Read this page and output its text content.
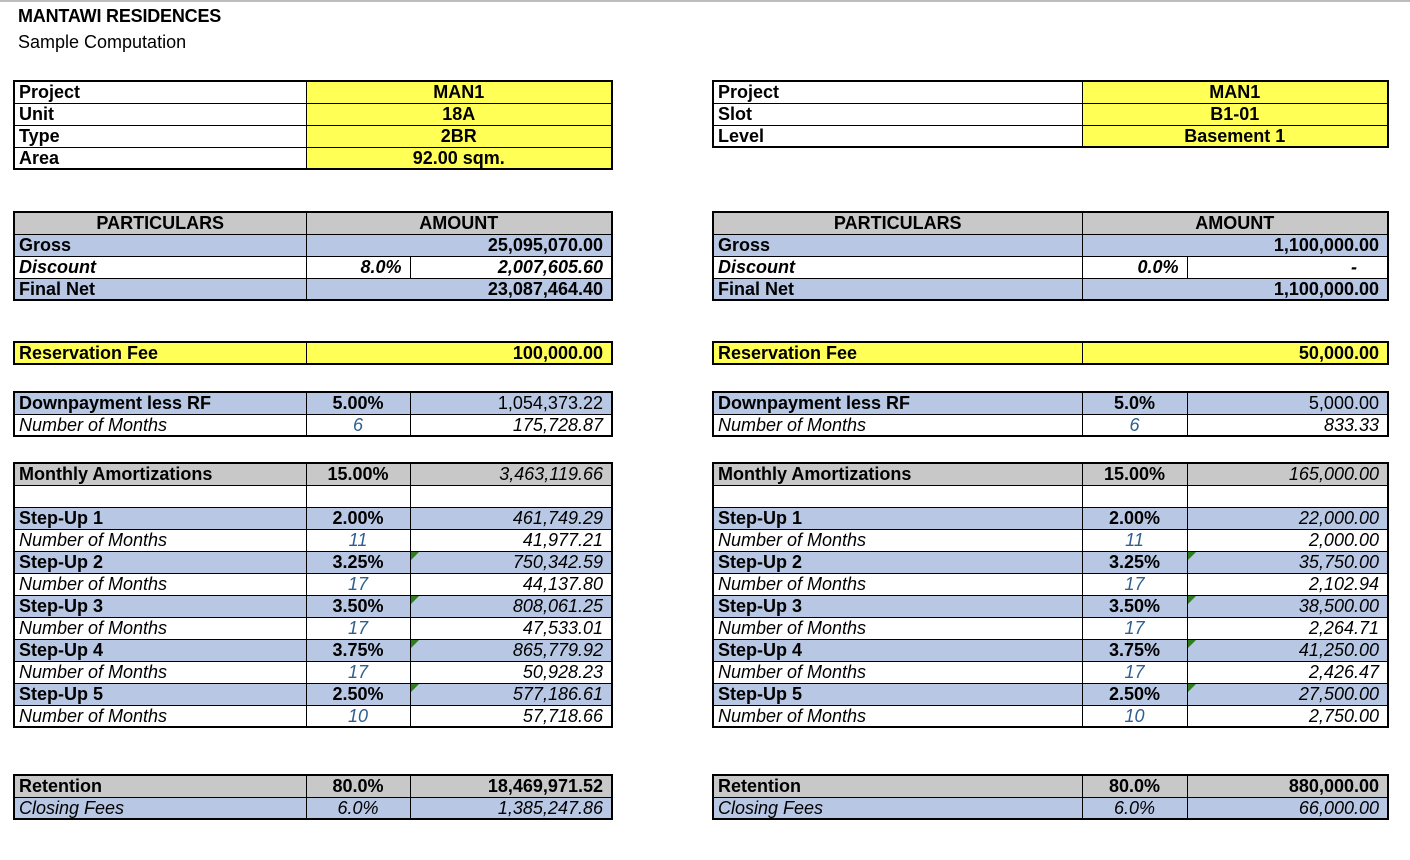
MANTAWI RESIDENCES
Sample Computation
Project	MAN1
Unit	18A
Type	2BR
Area	92.00 sqm.
PARTICULARS	AMOUNT	
Gross	25,095,070.00	
Discount	8.0%	2,007,605.60
Final Net	23,087,464.40	
Reservation Fee	100,000.00
Downpayment less RF	5.00%	1,054,373.22
Number of Months	6	175,728.87
Monthly Amortizations	15.00%	3,463,119.66

Step-Up 1	2.00%	461,749.29
Number of Months	11	41,977.21
Step-Up 2	3.25%	750,342.59
Number of Months	17	44,137.80
Step-Up 3	3.50%	808,061.25
Number of Months	17	47,533.01
Step-Up 4	3.75%	865,779.92
Number of Months	17	50,928.23
Step-Up 5	2.50%	577,186.61
Number of Months	10	57,718.66
Retention	80.0%	18,469,971.52
Closing Fees	6.0%	1,385,247.86
Project	MAN1
Slot	B1-01
Level	Basement 1
PARTICULARS	AMOUNT	
Gross	1,100,000.00	
Discount	0.0%	-
Final Net	1,100,000.00	
Reservation Fee	50,000.00
Downpayment less RF	5.0%	5,000.00
Number of Months	6	833.33
Monthly Amortizations	15.00%	165,000.00

Step-Up 1	2.00%	22,000.00
Number of Months	11	2,000.00
Step-Up 2	3.25%	35,750.00
Number of Months	17	2,102.94
Step-Up 3	3.50%	38,500.00
Number of Months	17	2,264.71
Step-Up 4	3.75%	41,250.00
Number of Months	17	2,426.47
Step-Up 5	2.50%	27,500.00
Number of Months	10	2,750.00
Retention	80.0%	880,000.00
Closing Fees	6.0%	66,000.00
